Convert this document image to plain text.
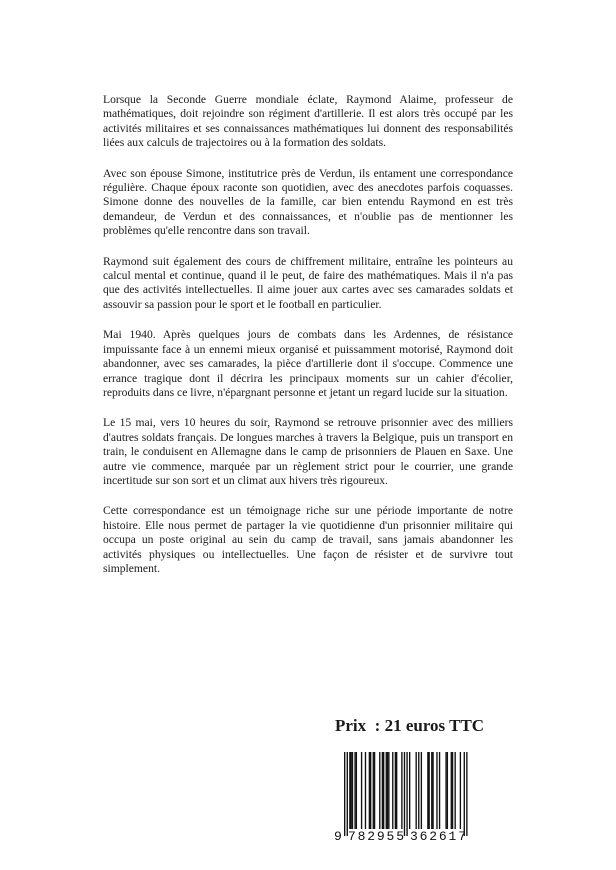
Lorsque la Seconde Guerre mondiale éclate, Raymond Alaime, professeur de mathématiques, doit rejoindre son régiment d'artillerie. Il est alors très occupé par les activités militaires et ses connaissances mathématiques lui donnent des responsabilités liées aux calculs de trajectoires ou à la formation des soldats.

Avec son épouse Simone, institutrice près de Verdun, ils entament une correspondance régulière. Chaque époux raconte son quotidien, avec des anecdotes parfois coquasses. Simone donne des nouvelles de la famille, car bien entendu Raymond en est très demandeur, de Verdun et des connaissances, et n'oublie pas de mentionner les problèmes qu'elle rencontre dans son travail.

Raymond suit également des cours de chiffrement militaire, entraîne les pointeurs au calcul mental et continue, quand il le peut, de faire des mathématiques. Mais il n'a pas que des activités intellectuelles. Il aime jouer aux cartes avec ses camarades soldats et assouvir sa passion pour le sport et le football en particulier.

Mai 1940. Après quelques jours de combats dans les Ardennes, de résistance impuissante face à un ennemi mieux organisé et puissamment motorisé, Raymond doit abandonner, avec ses camarades, la pièce d'artillerie dont il s'occupe. Commence une errance tragique dont il décrira les principaux moments sur un cahier d'écolier, reproduits dans ce livre, n'épargnant personne et jetant un regard lucide sur la situation.

Le 15 mai, vers 10 heures du soir, Raymond se retrouve prisonnier avec des milliers d'autres soldats français. De longues marches à travers la Belgique, puis un transport en train, le conduisent en Allemagne dans le camp de prisonniers de Plauen en Saxe. Une autre vie commence, marquée par un règlement strict pour le courrier, une grande incertitude sur son sort et un climat aux hivers très rigoureux.

Cette correspondance est un témoignage riche sur une période importante de notre histoire. Elle nous permet de partager la vie quotidienne d'un prisonnier militaire qui occupa un poste original au sein du camp de travail, sans jamais abandonner les activités physiques ou intellectuelles. Une façon de résister et de survivre tout simplement.

Prix  : 21 euros TTC
9 782955 362617
